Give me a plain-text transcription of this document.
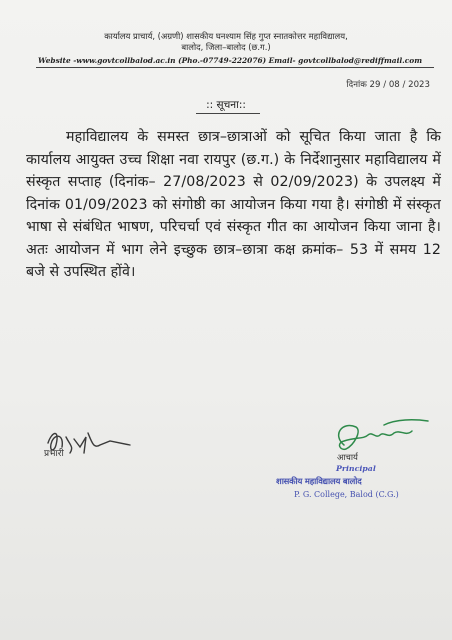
कार्यालय प्राचार्य, (अग्रणी) शासकीय घनश्याम सिंह गुप्त स्नातकोत्तर महाविद्यालय,
बालोद, जिला–बालोद (छ.ग.)
Website -www.govtcollbalod.ac.in (Pho.-07749-222076) Email- govtcollbalod@rediffmail.com
दिनांक 29 / 08 / 2023
:: सूचना::
महाविद्यालय के समस्त छात्र–छात्राओं को सूचित किया जाता है कि कार्यालय आयुक्त उच्च शिक्षा नवा रायपुर (छ.ग.) के निर्देशानुसार महाविद्यालय में संस्कृत सप्ताह (दिनांक– 27/08/2023 से 02/09/2023) के उपलक्ष्य में दिनांक 01/09/2023 को संगोष्ठी का आयोजन किया गया है। संगोष्ठी में संस्कृत भाषा से संबंधित भाषण, परिचर्चा एवं संस्कृत गीत का आयोजन किया जाना है। अतः आयोजन में भाग लेने इच्छुक छात्र–छात्रा कक्ष क्रमांक– 53 में समय 12 बजे से उपस्थित होंवे।
प्रभारी	आचार्य
Principal
शासकीय महाविद्यालय बालोद
P. G. College, Balod (C.G.)
